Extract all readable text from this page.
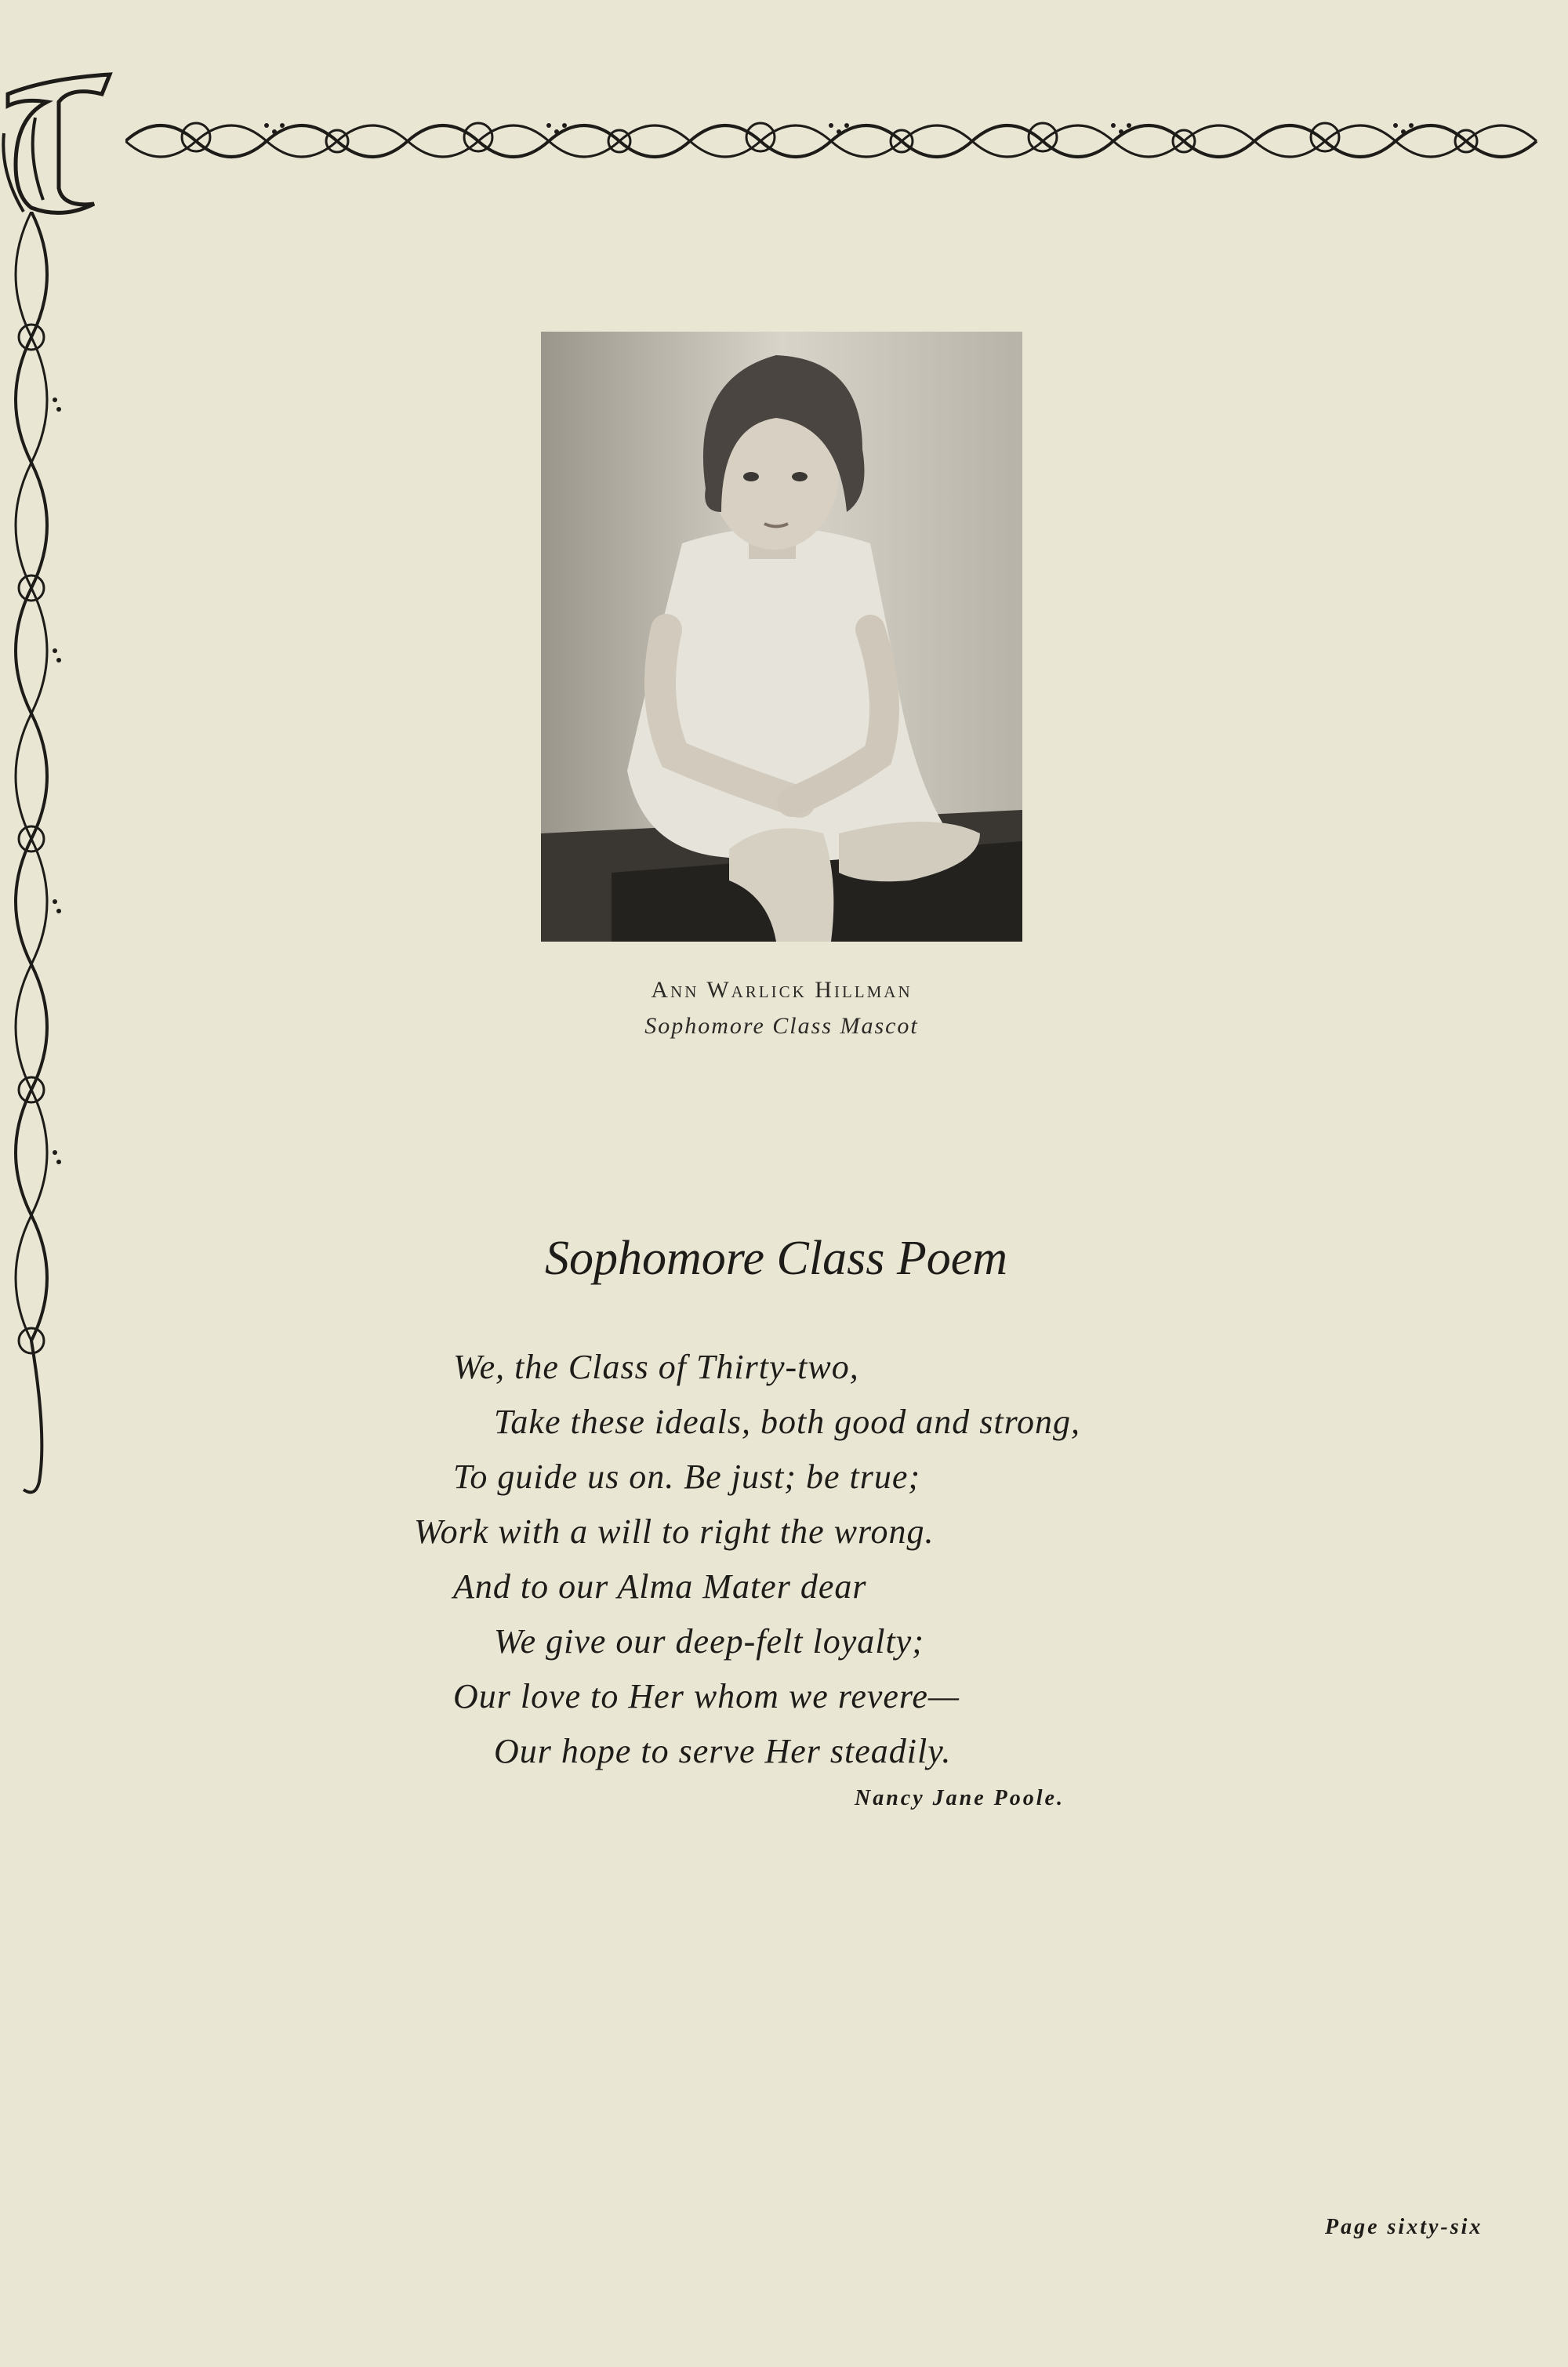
Ann Warlick Hillman
Sophomore Class Mascot
Sophomore Class Poem
We, the Class of Thirty-two,
Take these ideals, both good and strong,
To guide us on. Be just; be true;
Work with a will to right the wrong.
And to our Alma Mater dear
We give our deep-felt loyalty;
Our love to Her whom we revere—
Our hope to serve Her steadily.
Nancy Jane Poole.
Page sixty-six
